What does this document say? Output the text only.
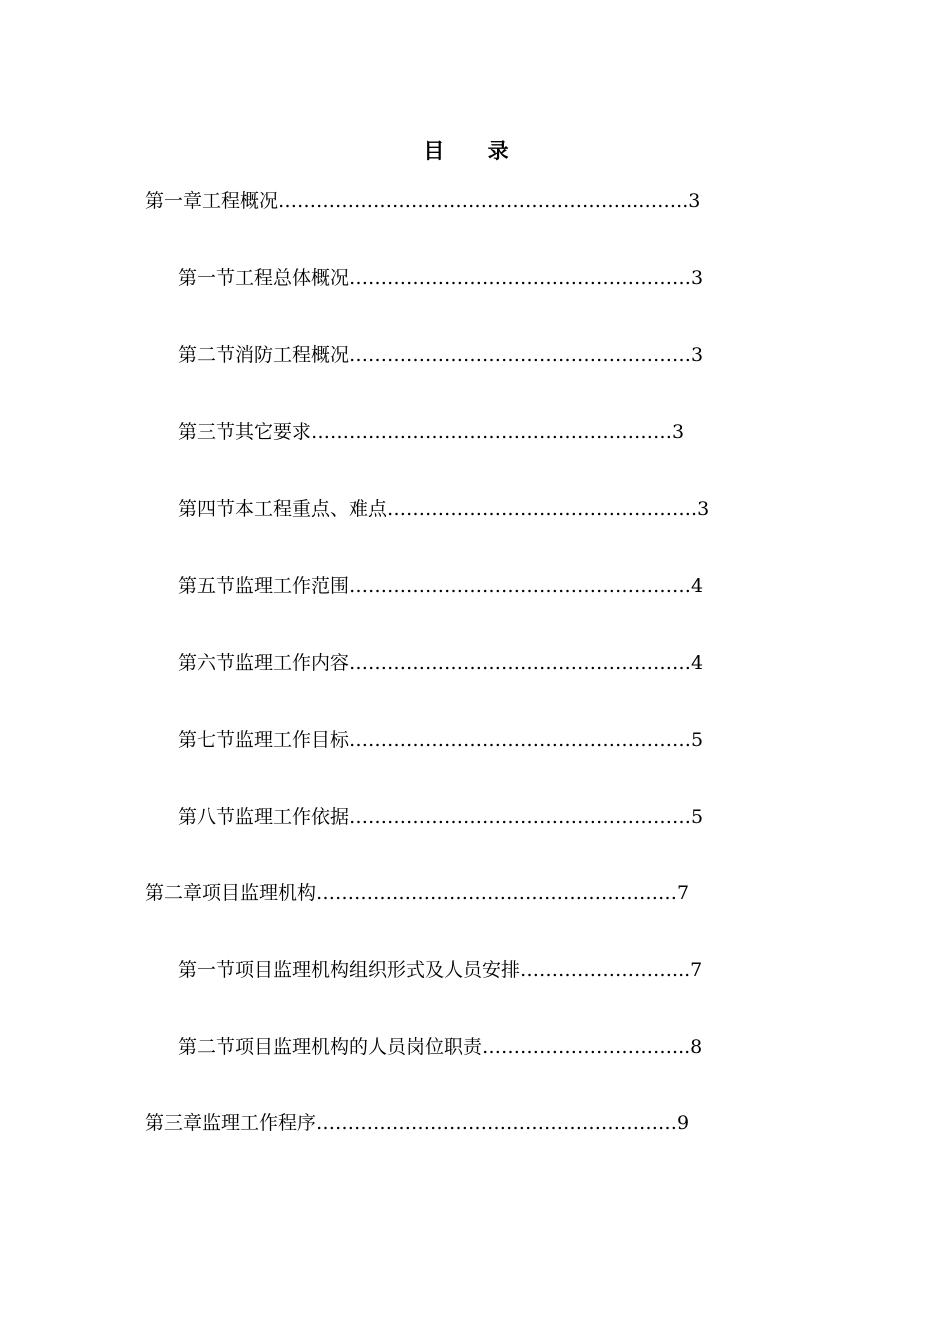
目 录
第一章工程概况………………………………………………...……..3
第一节工程总体概况………………………………………………3
第二节消防工程概况………………………………………………3
第三节其它要求…………………………………………………3
第四节本工程重点、难点………………………………………….3
第五节监理工作范围………………………………………………4
第六节监理工作内容………………………………………………4
第七节监理工作目标………………………………………………5
第八节监理工作依据………………………………………………5
第二章项目监理机构…………………………………………………7
第一节项目监理机构组织形式及人员安排……………………...7
第二节项目监理机构的人员岗位职责…………………………...8
第三章监理工作程序…………………………………………………9
